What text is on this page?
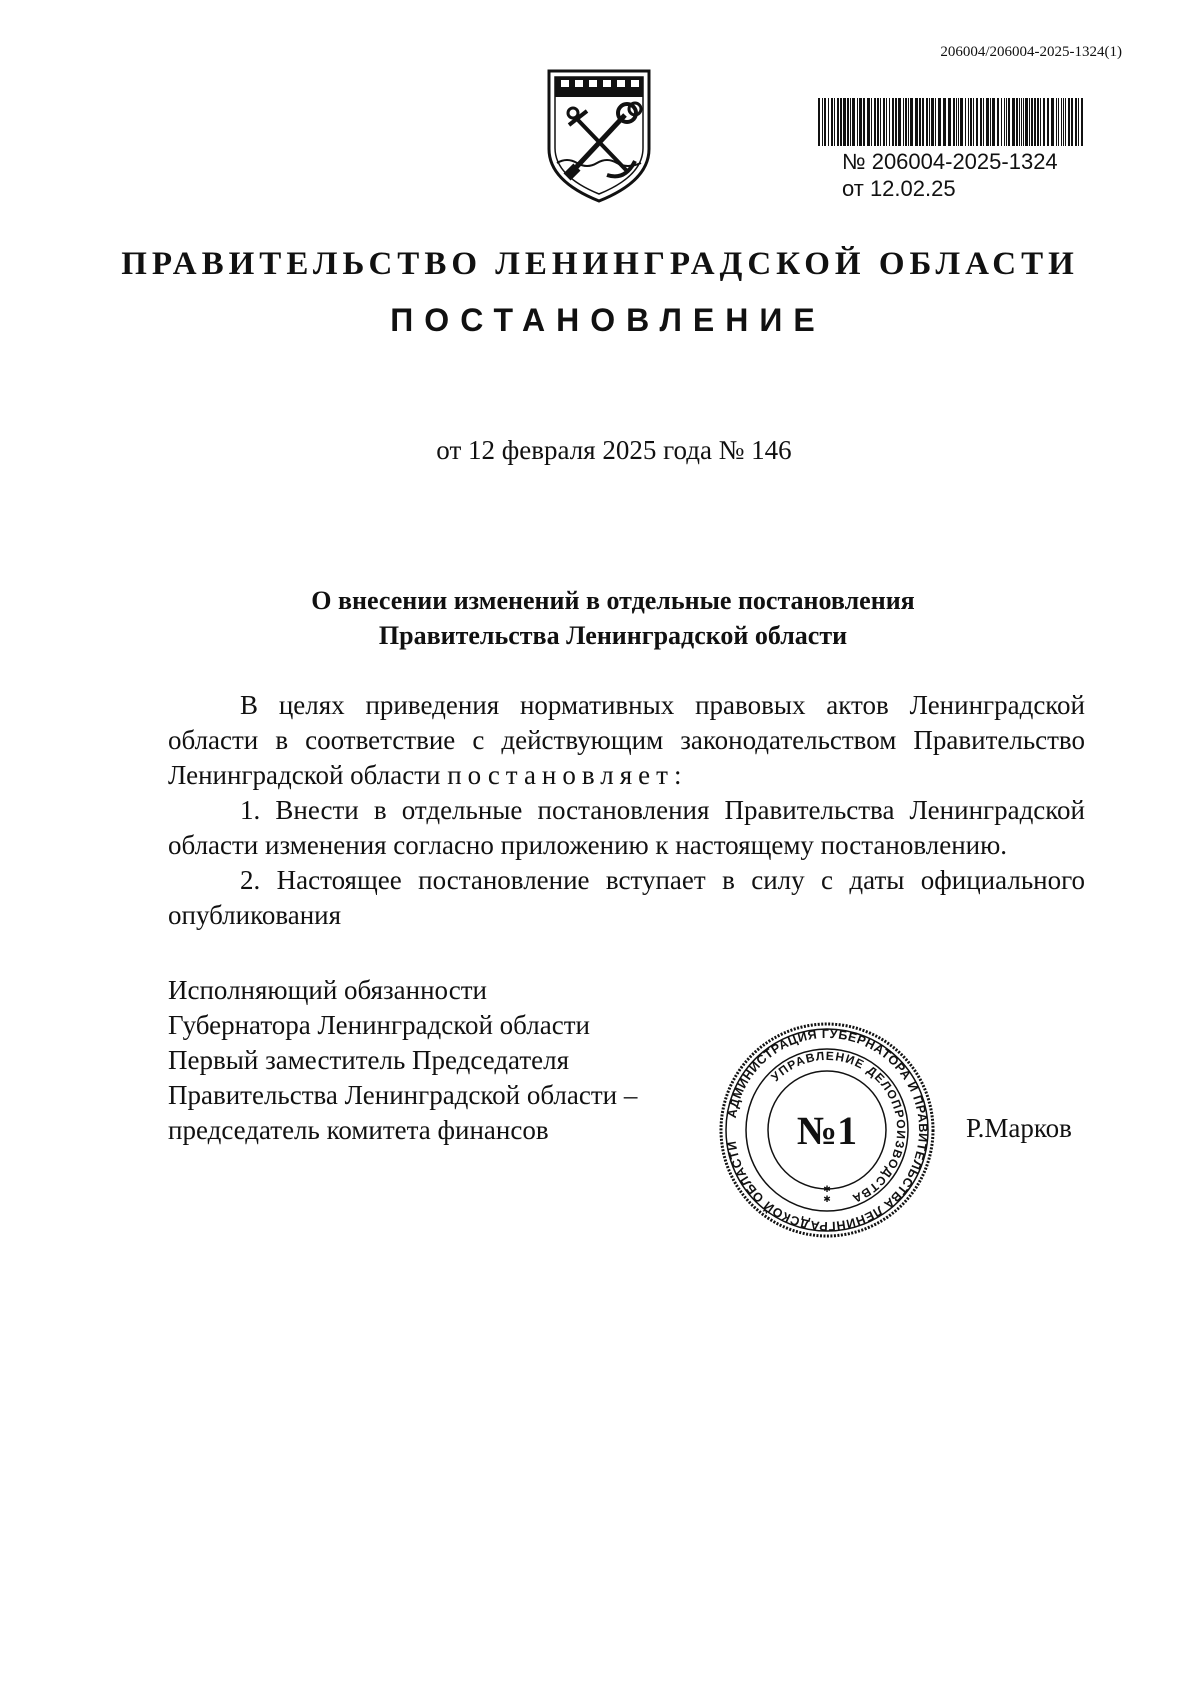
206004/206004-2025-1324(1)
№ 206004-2025-1324
от 12.02.25
ПРАВИТЕЛЬСТВО ЛЕНИНГРАДСКОЙ ОБЛАСТИ
ПОСТАНОВЛЕНИЕ
от 12 февраля 2025 года № 146
О внесении изменений в отдельные постановления
Правительства Ленинградской области

В целях приведения нормативных правовых актов Ленинградской области в соответствие с действующим законодательством Правительство Ленинградской области постановляет:

1. Внести в отдельные постановления Правительства Ленинградской области изменения согласно приложению к настоящему постановлению.

2. Настоящее постановление вступает в силу с даты официального опубликования

Исполняющий обязанности
Губернатора Ленинградской области
Первый заместитель Председателя
Правительства Ленинградской области –
председатель комитета финансов
АДМИНИСТРАЦИЯ ГУБЕРНАТОРА И ПРАВИТЕЛЬСТВА ЛЕНИНГРАДСКОЙ ОБЛАСТИ
УПРАВЛЕНИЕ ДЕЛОПРОИЗВОДСТВА
№1
✱
✱
Р.Марков
